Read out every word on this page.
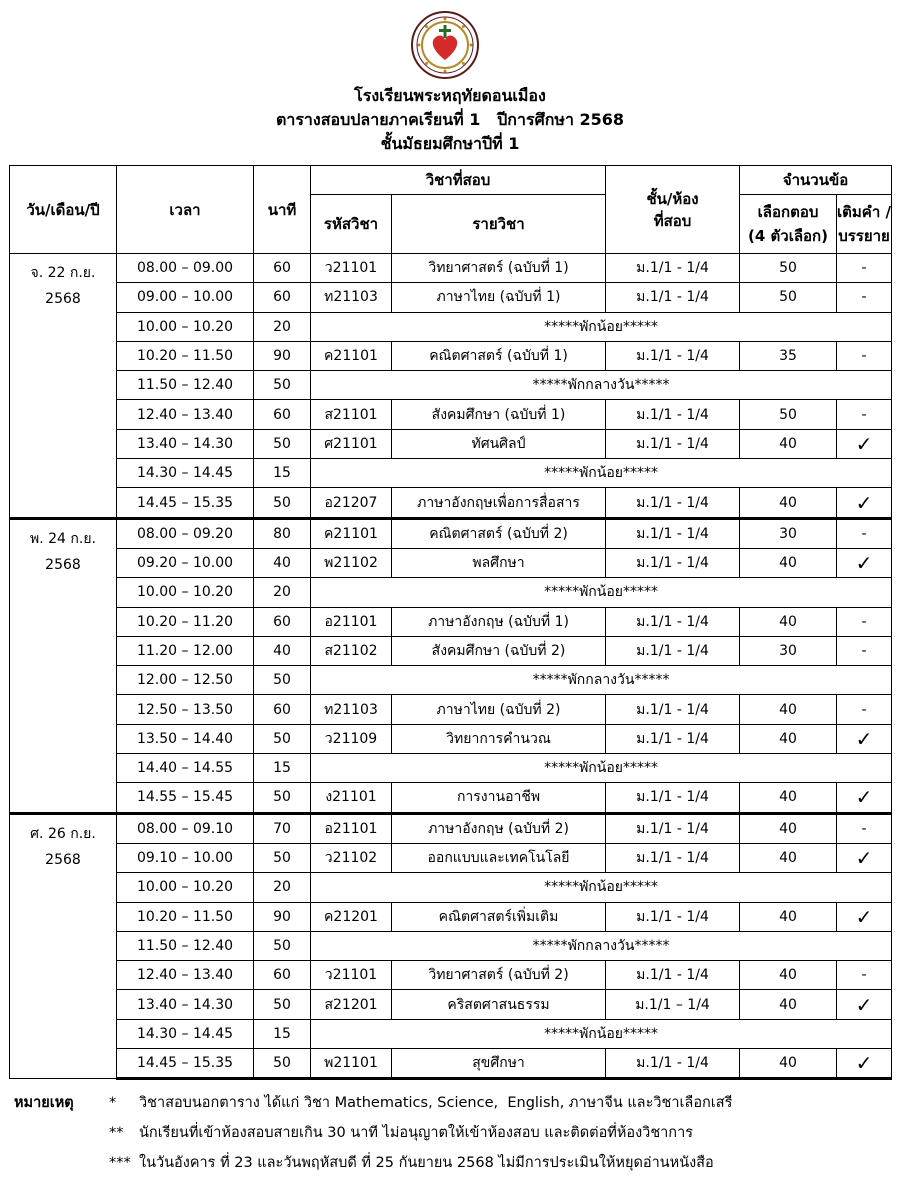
โรงเรียนพระหฤทัยดอนเมือง
ตารางสอบปลายภาคเรียนที่ 1   ปีการศึกษา 2568
ชั้นมัธยมศึกษาปีที่ 1
วัน/เดือน/ปี	เวลา	นาที	วิชาที่สอบ		ชั้น/ห้อง
ที่สอบ	จำนวนข้อ	
			รหัสวิชา	รายวิชา		เลือกตอบ
(4 ตัวเลือก)	เติมคำ /
บรรยาย
จ. 22 ก.ย.
2568	08.00 – 09.00	60	ว21101	วิทยาศาสตร์ (ฉบับที่ 1)	ม.1/1 - 1/4	50	-
	09.00 – 10.00	60	ท21103	ภาษาไทย (ฉบับที่ 1)	ม.1/1 - 1/4	50	-
	10.00 – 10.20	20	*****พักน้อย*****				
	10.20 – 11.50	90	ค21101	คณิตศาสตร์ (ฉบับที่ 1)	ม.1/1 - 1/4	35	-
	11.50 – 12.40	50	*****พักกลางวัน*****				
	12.40 – 13.40	60	ส21101	สังคมศึกษา (ฉบับที่ 1)	ม.1/1 - 1/4	50	-
	13.40 – 14.30	50	ศ21101	ทัศนศิลป์	ม.1/1 - 1/4	40	✓
	14.30 – 14.45	15	*****พักน้อย*****				
	14.45 – 15.35	50	อ21207	ภาษาอังกฤษเพื่อการสื่อสาร	ม.1/1 - 1/4	40	✓
พ. 24 ก.ย.
2568	08.00 – 09.20	80	ค21101	คณิตศาสตร์ (ฉบับที่ 2)	ม.1/1 - 1/4	30	-
	09.20 – 10.00	40	พ21102	พลศึกษา	ม.1/1 - 1/4	40	✓
	10.00 – 10.20	20	*****พักน้อย*****				
	10.20 – 11.20	60	อ21101	ภาษาอังกฤษ (ฉบับที่ 1)	ม.1/1 - 1/4	40	-
	11.20 – 12.00	40	ส21102	สังคมศึกษา (ฉบับที่ 2)	ม.1/1 - 1/4	30	-
	12.00 – 12.50	50	*****พักกลางวัน*****				
	12.50 – 13.50	60	ท21103	ภาษาไทย (ฉบับที่ 2)	ม.1/1 - 1/4	40	-
	13.50 – 14.40	50	ว21109	วิทยาการคำนวณ	ม.1/1 - 1/4	40	✓
	14.40 – 14.55	15	*****พักน้อย*****				
	14.55 – 15.45	50	ง21101	การงานอาชีพ	ม.1/1 - 1/4	40	✓
ศ. 26 ก.ย.
2568	08.00 – 09.10	70	อ21101	ภาษาอังกฤษ (ฉบับที่ 2)	ม.1/1 - 1/4	40	-
	09.10 – 10.00	50	ว21102	ออกแบบและเทคโนโลยี	ม.1/1 - 1/4	40	✓
	10.00 – 10.20	20	*****พักน้อย*****				
	10.20 – 11.50	90	ค21201	คณิตศาสตร์เพิ่มเติม	ม.1/1 - 1/4	40	✓
	11.50 – 12.40	50	*****พักกลางวัน*****				
	12.40 – 13.40	60	ว21101	วิทยาศาสตร์ (ฉบับที่ 2)	ม.1/1 - 1/4	40	-
	13.40 – 14.30	50	ส21201	คริสตศาสนธรรม	ม.1/1 – 1/4	40	✓
	14.30 – 14.45	15	*****พักน้อย*****				
	14.45 – 15.35	50	พ21101	สุขศึกษา	ม.1/1 - 1/4	40	✓
หมายเหตุ	*	วิชาสอบนอกตาราง ได้แก่ วิชา Mathematics, Science,  English, ภาษาจีน และวิชาเลือกเสรี
**	นักเรียนที่เข้าห้องสอบสายเกิน 30 นาที ไม่อนุญาตให้เข้าห้องสอบ และติดต่อที่ห้องวิชาการ
*** ในวันอังคาร ที่ 23 และวันพฤหัสบดี ที่ 25 กันยายน 2568 ไม่มีการประเมินให้หยุดอ่านหนังสือ
